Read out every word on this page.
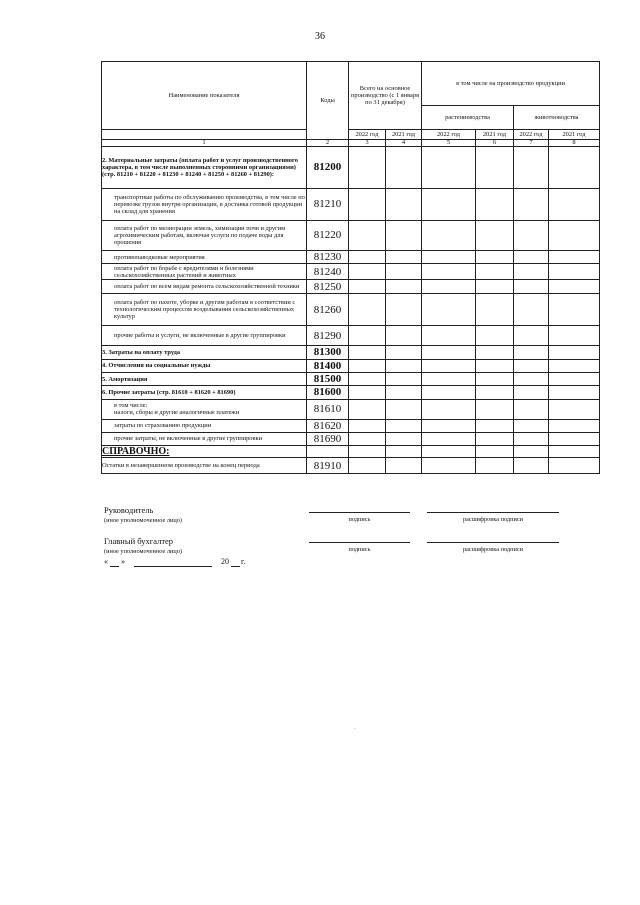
36
Наименование показателя	Коды	Всего на основное производство (с 1 января по 31 декабря)		в том числе на производство продукции			
				растениеводства		животноводства	
		2022 год	2021 год	2022 год	2021 год	2022 год	2021 год
1	2	3	4	5	6	7	8
2. Материальные затраты (оплата работ и услуг производственного характера, в том числе выполненных сторонними организациями)
(стр. 81210 + 81220 + 81230 + 81240 + 81250 + 81260 + 81290):	81200						
транспортные работы по обслуживанию производства, в том числе по перевозке грузов внутри организации, в доставка готовой продукции на склад для хранения	81210						
оплата работ по мелиорации земель, химизации почв и другим агрохимическим работам, включая услуги по подаче воды для орошения	81220						
противопаводковые мероприятия	81230						
оплата работ по борьбе с вредителями и болезнями сельскохозяйственных растений и животных	81240						
оплата работ по всем видам ремонта сельскохозяйственной техники	81250						
оплата работ по пахоте, уборке и другим работам в соответствии с технологическим процессом возделывания сельскохозяйственных культур	81260						
прочие работы и услуги, не включенные в другие группировки	81290						
3. Затраты на оплату труда	81300						
4. Отчисления на социальные нужды	81400						
5. Амортизация	81500						
6. Прочие затраты (стр. 81610 + 81620 + 81690)	81600						
в том числе:
налоги, сборы и другие аналогичные платежи	81610						
затраты по страхованию продукции	81620						
прочие затраты, не включенные в другие группировки	81690						
СПРАВОЧНО:							
Остатки в незавершенном производстве на конец периода	81910						
Руководитель
(иное уполномоченное лицо)	подпись	расшифровка подписи
Главный бухгалтер
(иное уполномоченное лицо)	подпись	расшифровка подписи
« »	20 г.
.
